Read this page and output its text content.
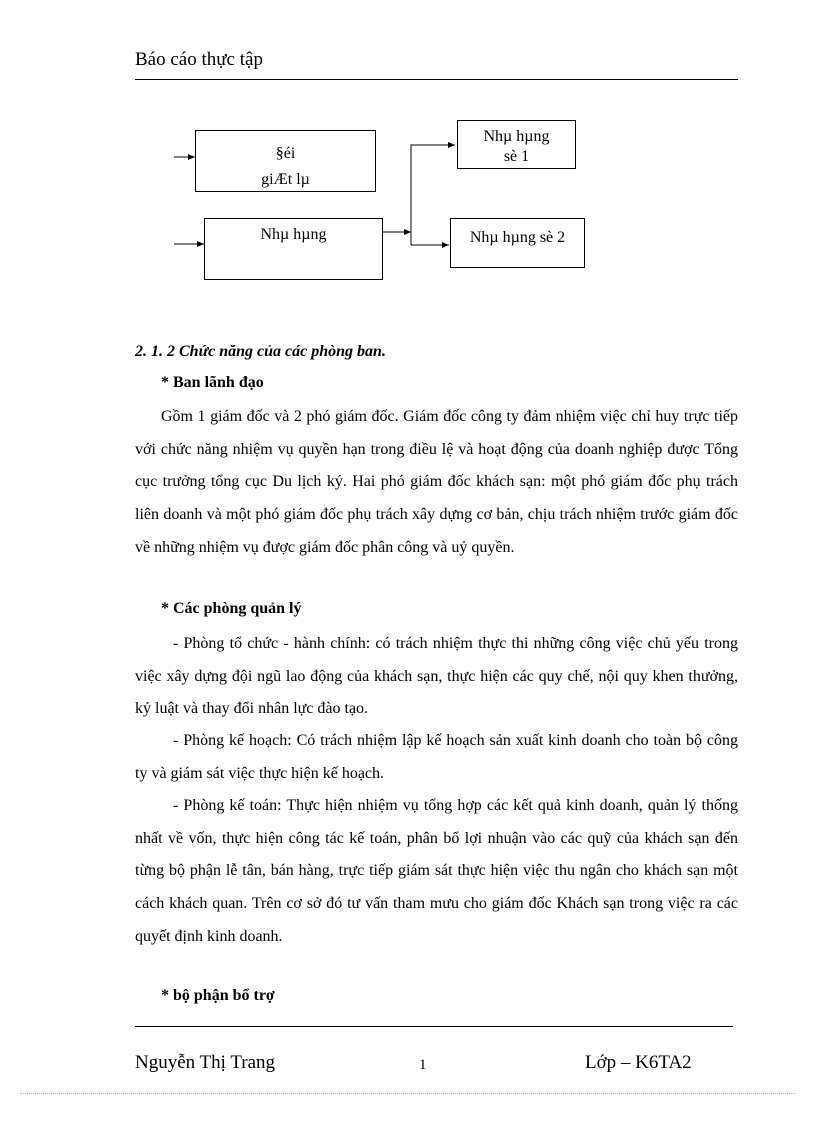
Báo cáo thực tập
§éi
giÆt lµ
Nhµ hµng
Nhµ hµng
sè 1
Nhµ hµng sè 2
2. 1. 2 Chức năng của các phòng ban.
* Ban lãnh đạo

Gồm 1 giám đốc và 2 phó giám đốc. Giám đốc công ty đảm nhiệm việc chỉ huy trực tiếp với chức năng nhiệm vụ quyền hạn trong điều lệ và hoạt động của doanh nghiệp được Tổng cục trưởng tổng cục Du lịch ký. Hai phó giám đốc khách sạn: một phó giám đốc phụ trách liên doanh và một phó giám đốc phụ trách xây dựng cơ bản, chịu trách nhiệm trước giám đốc về những nhiệm vụ được giám đốc phân công và uỷ quyền.

* Các phòng quản lý

- Phòng tổ chức - hành chính: có trách nhiệm thực thi những công việc chủ yếu trong việc xây dựng đội ngũ lao động của khách sạn, thực hiện các quy chế, nội quy khen thưởng, kỷ luật và thay đổi nhân lực đào tạo.

- Phòng kế hoạch: Có trách nhiệm lập kế hoạch sản xuất kinh doanh cho toàn bộ công ty và giám sát việc thực hiện kế hoạch.

- Phòng kế toán: Thực hiện nhiệm vụ tổng hợp các kết quả kinh doanh, quản lý thống nhất về vốn, thực hiện công tác kế toán, phân bổ lợi nhuận vào các quỹ của khách sạn đến từng bộ phận lễ tân, bán hàng, trực tiếp giám sát thực hiện việc thu ngân cho khách sạn một cách khách quan. Trên cơ sở đó tư vấn tham mưu cho giám đốc Khách sạn trong việc ra các quyết định kinh doanh.

* bộ phận bổ trợ
Nguyễn Thị Trang	1	Lớp – K6TA2
